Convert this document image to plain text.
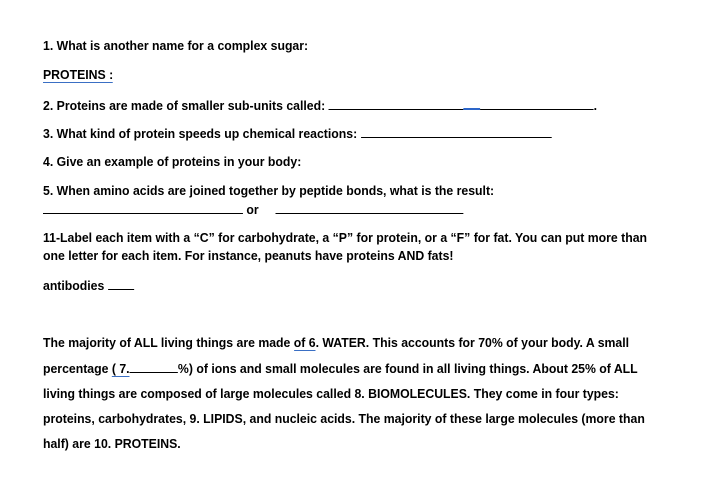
1. What is another name for a complex sugar:
PROTEINS :
2. Proteins are made of smaller sub-units called:	.
3. What kind of protein speeds up chemical reactions:
4. Give an example of proteins in your body:
5. When amino acids are joined together by peptide bonds, what is the result:
or
11-Label each item with a “C” for carbohydrate, a “P” for protein, or a “F” for fat. You can put more than
one letter for each item. For instance, peanuts have proteins AND fats!
antibodies
The majority of ALL living things are made of 6. WATER. This accounts for 70% of your body. A small
percentage ( 7.	%) of ions and small molecules are found in all living things. About 25% of ALL
living things are composed of large molecules called 8. BIOMOLECULES. They come in four types:
proteins, carbohydrates, 9. LIPIDS, and nucleic acids. The majority of these large molecules (more than
half) are 10. PROTEINS.
